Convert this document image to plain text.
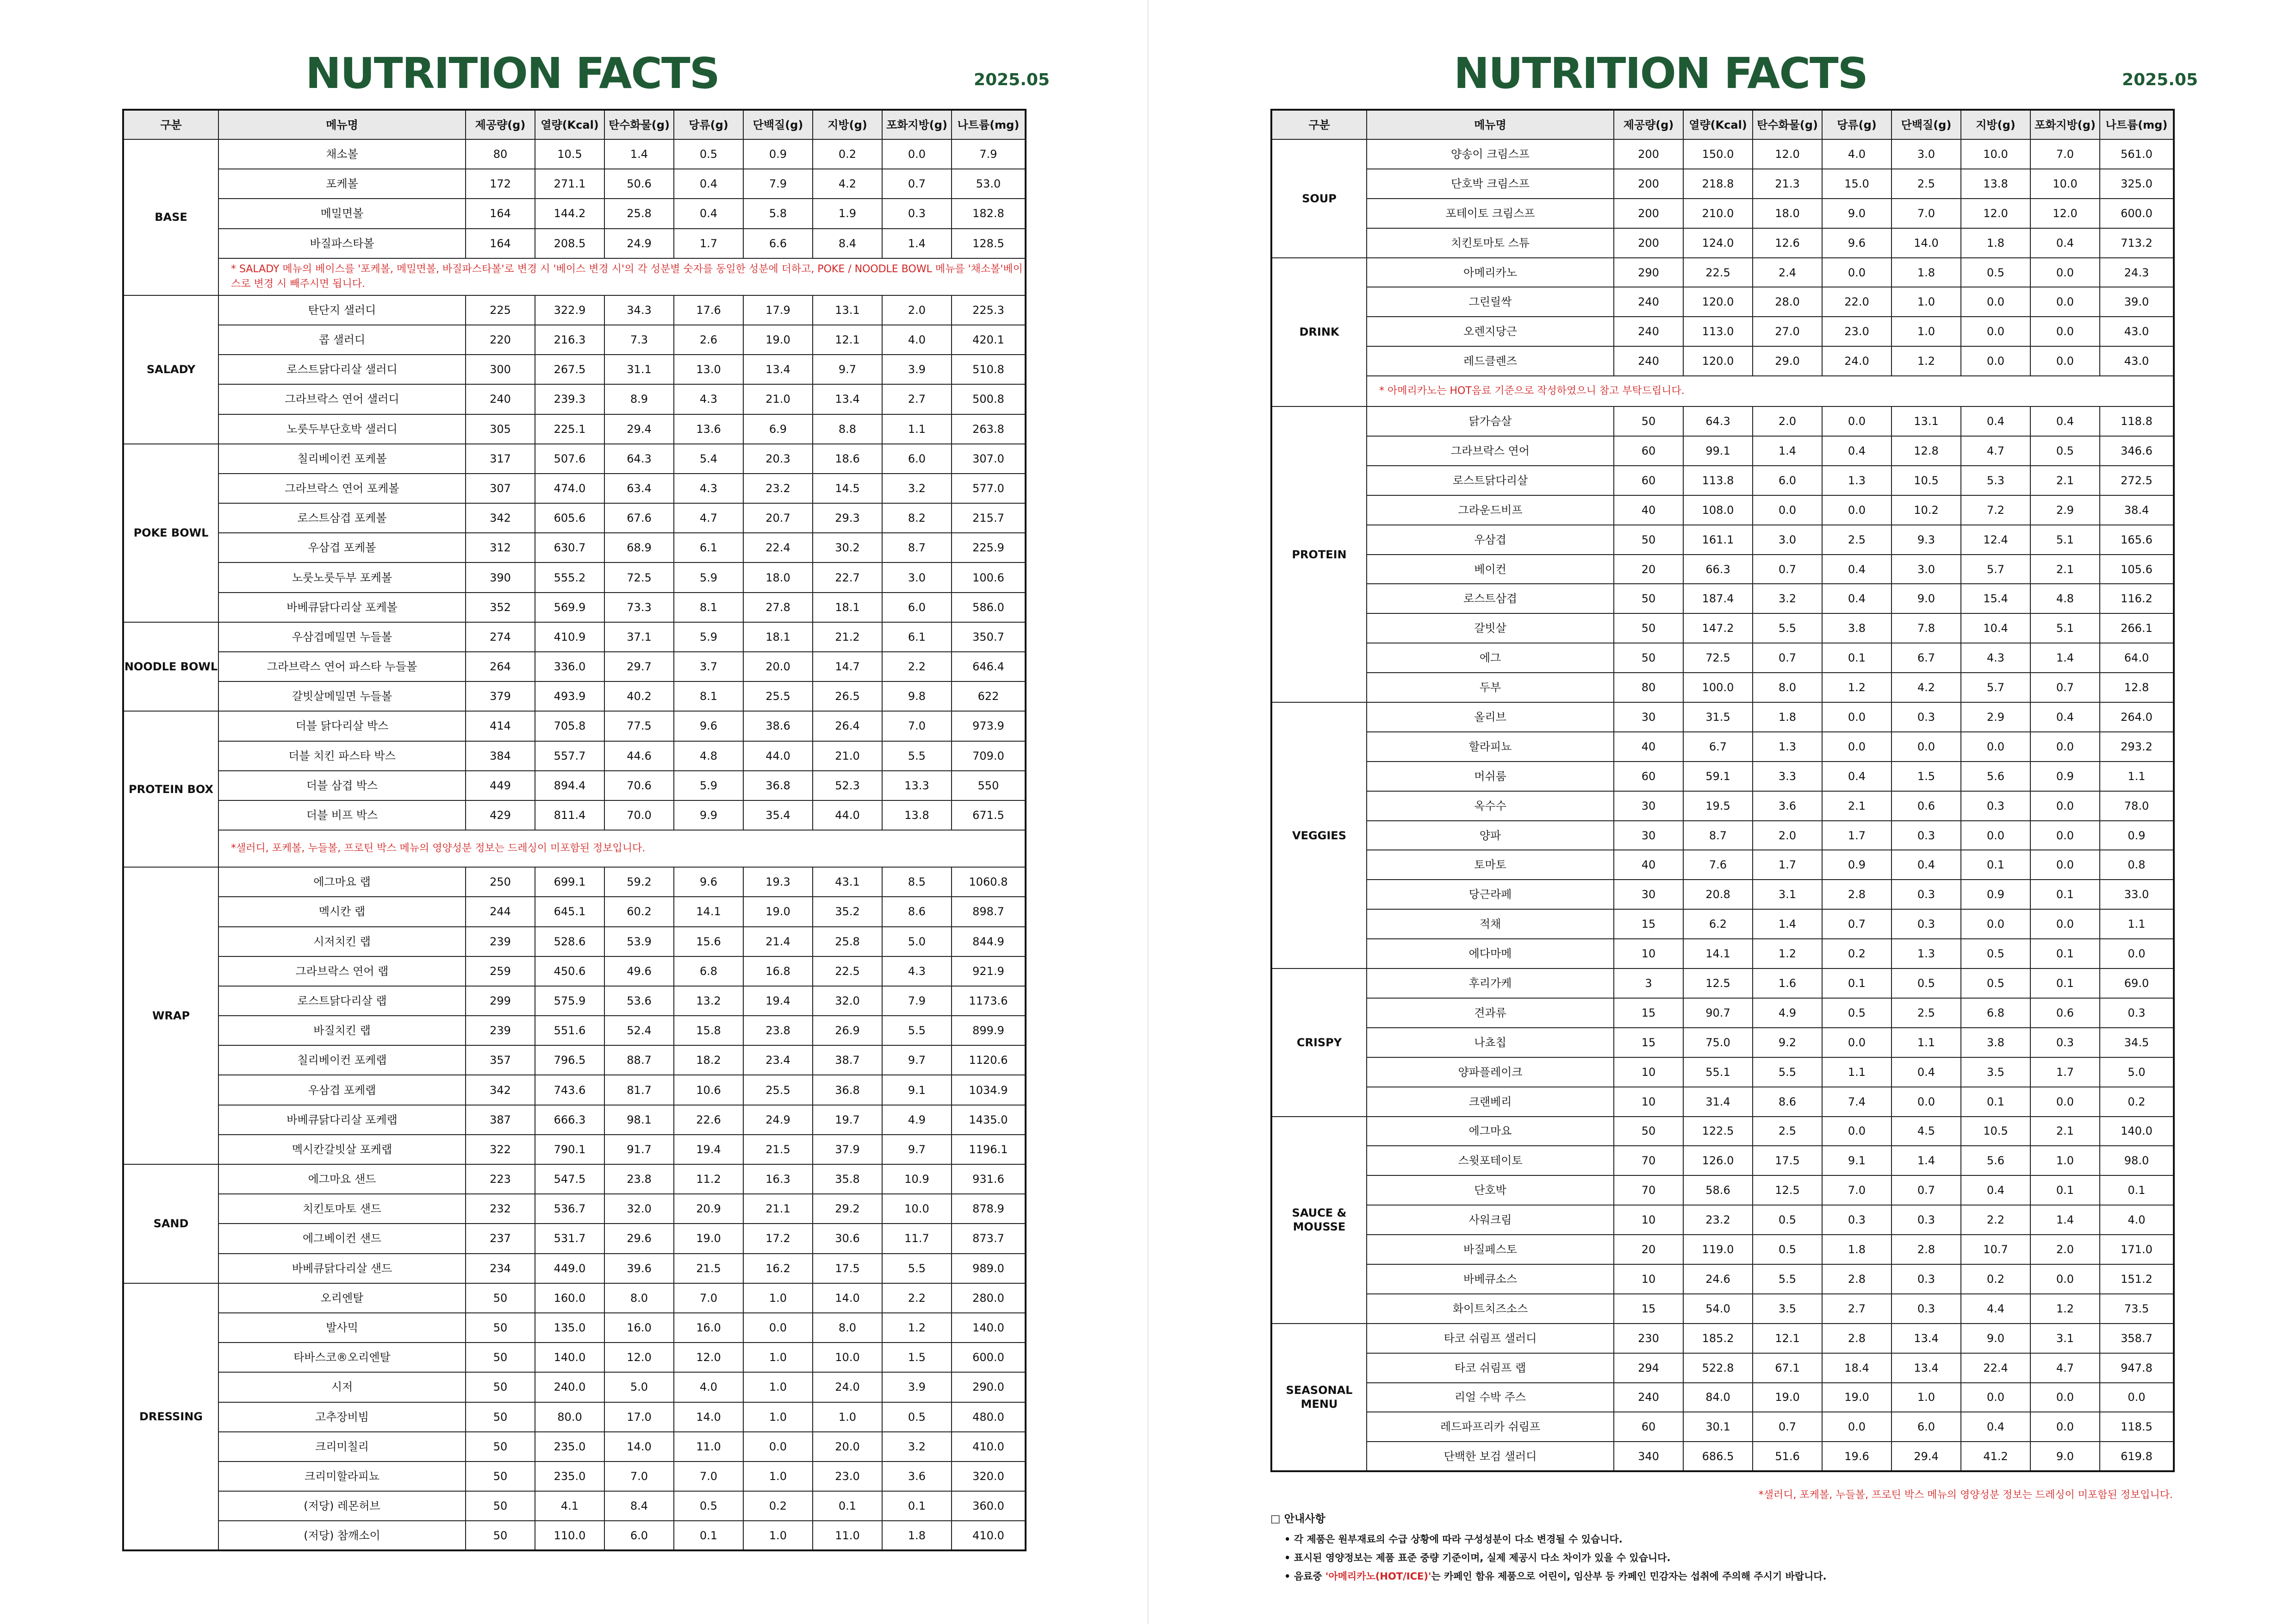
NUTRITION FACTS	2025.05
구분	메뉴명	제공량(g)	열량(Kcal)	탄수화물(g)	당류(g)	단백질(g)	지방(g)	포화지방(g)	나트륨(mg)
BASE	채소볼	80	10.5	1.4	0.5	0.9	0.2	0.0	7.9
	포케볼	172	271.1	50.6	0.4	7.9	4.2	0.7	53.0
	메밀면볼	164	144.2	25.8	0.4	5.8	1.9	0.3	182.8
	바질파스타볼	164	208.5	24.9	1.7	6.6	8.4	1.4	128.5
	* SALADY 메뉴의 베이스를 '포케볼, 메밀면볼, 바질파스타볼'로 변경 시 '베이스 변경 시'의 각 성분별 숫자를 동일한 성분에 더하고, POKE / NOODLE BOWL 메뉴를 '채소볼'베이스로 변경 시 빼주시면 됩니다.								
SALADY	탄단지 샐러디	225	322.9	34.3	17.6	17.9	13.1	2.0	225.3
	콥 샐러디	220	216.3	7.3	2.6	19.0	12.1	4.0	420.1
	로스트닭다리살 샐러디	300	267.5	31.1	13.0	13.4	9.7	3.9	510.8
	그라브락스 연어 샐러디	240	239.3	8.9	4.3	21.0	13.4	2.7	500.8
	노룻두부단호박 샐러디	305	225.1	29.4	13.6	6.9	8.8	1.1	263.8
POKE BOWL	칠리베이컨 포케볼	317	507.6	64.3	5.4	20.3	18.6	6.0	307.0
	그라브락스 연어 포케볼	307	474.0	63.4	4.3	23.2	14.5	3.2	577.0
	로스트삼겹 포케볼	342	605.6	67.6	4.7	20.7	29.3	8.2	215.7
	우삼겹 포케볼	312	630.7	68.9	6.1	22.4	30.2	8.7	225.9
	노룻노룻두부 포케볼	390	555.2	72.5	5.9	18.0	22.7	3.0	100.6
	바베큐닭다리살 포케볼	352	569.9	73.3	8.1	27.8	18.1	6.0	586.0
NOODLE BOWL	우삼겹메밀면 누들볼	274	410.9	37.1	5.9	18.1	21.2	6.1	350.7
	그라브락스 연어 파스타 누들볼	264	336.0	29.7	3.7	20.0	14.7	2.2	646.4
	갈빗살메밀면 누들볼	379	493.9	40.2	8.1	25.5	26.5	9.8	622
PROTEIN BOX	더블 닭다리살 박스	414	705.8	77.5	9.6	38.6	26.4	7.0	973.9
	더블 치킨 파스타 박스	384	557.7	44.6	4.8	44.0	21.0	5.5	709.0
	더블 삼겹 박스	449	894.4	70.6	5.9	36.8	52.3	13.3	550
	더블 비프 박스	429	811.4	70.0	9.9	35.4	44.0	13.8	671.5
	*샐러디, 포케볼, 누들볼, 프로틴 박스 메뉴의 영양성분 정보는 드레싱이 미포함된 정보입니다.								
WRAP	에그마요 랩	250	699.1	59.2	9.6	19.3	43.1	8.5	1060.8
	멕시칸 랩	244	645.1	60.2	14.1	19.0	35.2	8.6	898.7
	시저치킨 랩	239	528.6	53.9	15.6	21.4	25.8	5.0	844.9
	그라브락스 연어 랩	259	450.6	49.6	6.8	16.8	22.5	4.3	921.9
	로스트닭다리살 랩	299	575.9	53.6	13.2	19.4	32.0	7.9	1173.6
	바질치킨 랩	239	551.6	52.4	15.8	23.8	26.9	5.5	899.9
	칠리베이컨 포케랩	357	796.5	88.7	18.2	23.4	38.7	9.7	1120.6
	우삼겹 포케랩	342	743.6	81.7	10.6	25.5	36.8	9.1	1034.9
	바베큐닭다리살 포케랩	387	666.3	98.1	22.6	24.9	19.7	4.9	1435.0
	멕시칸갈빗살 포케랩	322	790.1	91.7	19.4	21.5	37.9	9.7	1196.1
SAND	에그마요 샌드	223	547.5	23.8	11.2	16.3	35.8	10.9	931.6
	치킨토마토 샌드	232	536.7	32.0	20.9	21.1	29.2	10.0	878.9
	에그베이컨 샌드	237	531.7	29.6	19.0	17.2	30.6	11.7	873.7
	바베큐닭다리살 샌드	234	449.0	39.6	21.5	16.2	17.5	5.5	989.0
DRESSING	오리엔탈	50	160.0	8.0	7.0	1.0	14.0	2.2	280.0
	발사믹	50	135.0	16.0	16.0	0.0	8.0	1.2	140.0
	타바스코®오리엔탈	50	140.0	12.0	12.0	1.0	10.0	1.5	600.0
	시저	50	240.0	5.0	4.0	1.0	24.0	3.9	290.0
	고추장비빔	50	80.0	17.0	14.0	1.0	1.0	0.5	480.0
	크리미칠리	50	235.0	14.0	11.0	0.0	20.0	3.2	410.0
	크리미할라피뇨	50	235.0	7.0	7.0	1.0	23.0	3.6	320.0
	(저당) 레몬허브	50	4.1	8.4	0.5	0.2	0.1	0.1	360.0
	(저당) 참깨소이	50	110.0	6.0	0.1	1.0	11.0	1.8	410.0
NUTRITION FACTS	2025.05
구분	메뉴명	제공량(g)	열량(Kcal)	탄수화물(g)	당류(g)	단백질(g)	지방(g)	포화지방(g)	나트륨(mg)
SOUP	양송이 크림스프	200	150.0	12.0	4.0	3.0	10.0	7.0	561.0
	단호박 크림스프	200	218.8	21.3	15.0	2.5	13.8	10.0	325.0
	포테이토 크림스프	200	210.0	18.0	9.0	7.0	12.0	12.0	600.0
	치킨토마토 스튜	200	124.0	12.6	9.6	14.0	1.8	0.4	713.2
DRINK	아메리카노	290	22.5	2.4	0.0	1.8	0.5	0.0	24.3
	그린릴싹	240	120.0	28.0	22.0	1.0	0.0	0.0	39.0
	오렌지당근	240	113.0	27.0	23.0	1.0	0.0	0.0	43.0
	레드클렌즈	240	120.0	29.0	24.0	1.2	0.0	0.0	43.0
	* 아메리카노는 HOT음료 기준으로 작성하였으니 참고 부탁드립니다.								
PROTEIN	닭가슴살	50	64.3	2.0	0.0	13.1	0.4	0.4	118.8
	그라브락스 연어	60	99.1	1.4	0.4	12.8	4.7	0.5	346.6
	로스트닭다리살	60	113.8	6.0	1.3	10.5	5.3	2.1	272.5
	그라운드비프	40	108.0	0.0	0.0	10.2	7.2	2.9	38.4
	우삼겹	50	161.1	3.0	2.5	9.3	12.4	5.1	165.6
	베이컨	20	66.3	0.7	0.4	3.0	5.7	2.1	105.6
	로스트삼겹	50	187.4	3.2	0.4	9.0	15.4	4.8	116.2
	갈빗살	50	147.2	5.5	3.8	7.8	10.4	5.1	266.1
	에그	50	72.5	0.7	0.1	6.7	4.3	1.4	64.0
	두부	80	100.0	8.0	1.2	4.2	5.7	0.7	12.8
VEGGIES	올리브	30	31.5	1.8	0.0	0.3	2.9	0.4	264.0
	할라피뇨	40	6.7	1.3	0.0	0.0	0.0	0.0	293.2
	머쉬룸	60	59.1	3.3	0.4	1.5	5.6	0.9	1.1
	옥수수	30	19.5	3.6	2.1	0.6	0.3	0.0	78.0
	양파	30	8.7	2.0	1.7	0.3	0.0	0.0	0.9
	토마토	40	7.6	1.7	0.9	0.4	0.1	0.0	0.8
	당근라페	30	20.8	3.1	2.8	0.3	0.9	0.1	33.0
	적채	15	6.2	1.4	0.7	0.3	0.0	0.0	1.1
	에다마메	10	14.1	1.2	0.2	1.3	0.5	0.1	0.0
CRISPY	후리가케	3	12.5	1.6	0.1	0.5	0.5	0.1	69.0
	견과류	15	90.7	4.9	0.5	2.5	6.8	0.6	0.3
	나쵸칩	15	75.0	9.2	0.0	1.1	3.8	0.3	34.5
	양파플레이크	10	55.1	5.5	1.1	0.4	3.5	1.7	5.0
	크랜베리	10	31.4	8.6	7.4	0.0	0.1	0.0	0.2
SAUCE & MOUSSE	에그마요	50	122.5	2.5	0.0	4.5	10.5	2.1	140.0
	스윗포테이토	70	126.0	17.5	9.1	1.4	5.6	1.0	98.0
	단호박	70	58.6	12.5	7.0	0.7	0.4	0.1	0.1
	사워크림	10	23.2	0.5	0.3	0.3	2.2	1.4	4.0
	바질페스토	20	119.0	0.5	1.8	2.8	10.7	2.0	171.0
	바베큐소스	10	24.6	5.5	2.8	0.3	0.2	0.0	151.2
	화이트치즈소스	15	54.0	3.5	2.7	0.3	4.4	1.2	73.5
SEASONAL MENU	타코 쉬림프 샐러디	230	185.2	12.1	2.8	13.4	9.0	3.1	358.7
	타코 쉬림프 랩	294	522.8	67.1	18.4	13.4	22.4	4.7	947.8
	리얼 수박 주스	240	84.0	19.0	19.0	1.0	0.0	0.0	0.0
	레드파프리카 쉬림프	60	30.1	0.7	0.0	6.0	0.4	0.0	118.5
	단백한 보검 샐러디	340	686.5	51.6	19.6	29.4	41.2	9.0	619.8
*샐러디, 포케볼, 누들볼, 프로틴 박스 메뉴의 영양성분 정보는 드레싱이 미포함된 정보입니다.
□ 안내사항
• 각 제품은 원부재료의 수급 상황에 따라 구성성분이 다소 변경될 수 있습니다.
• 표시된 영양정보는 제품 표준 중량 기준이며, 실제 제공시 다소 차이가 있을 수 있습니다.
• 음료중 '아메리카노(HOT/ICE)'는 카페인 함유 제품으로 어린이, 임산부 등 카페인 민감자는 섭취에 주의해 주시기 바랍니다.
